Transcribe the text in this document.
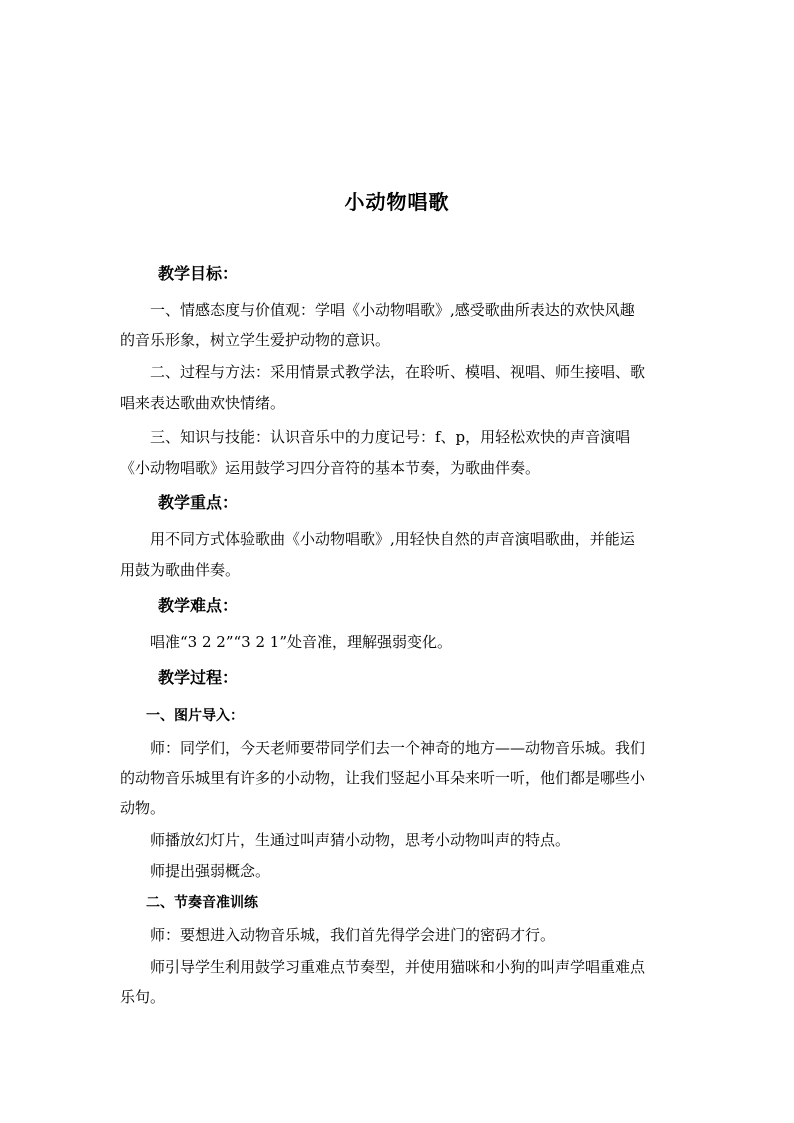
小动物唱歌
教学目标：
一、情感态度与价值观：学唱《小动物唱歌》,感受歌曲所表达的欢快风趣
的音乐形象，树立学生爱护动物的意识。
二、过程与方法：采用情景式教学法，在聆听、模唱、视唱、师生接唱、歌
唱来表达歌曲欢快情绪。
三、知识与技能：认识音乐中的力度记号：f、p，用轻松欢快的声音演唱
《小动物唱歌》运用鼓学习四分音符的基本节奏，为歌曲伴奏。
教学重点：
用不同方式体验歌曲《小动物唱歌》,用轻快自然的声音演唱歌曲，并能运
用鼓为歌曲伴奏。
教学难点：
唱准“3 2 2”“3 2 1”处音准，理解强弱变化。
教学过程：
一、图片导入：
师：同学们，今天老师要带同学们去一个神奇的地方——动物音乐城。我们
的动物音乐城里有许多的小动物，让我们竖起小耳朵来听一听，他们都是哪些小
动物。
师播放幻灯片，生通过叫声猜小动物，思考小动物叫声的特点。
师提出强弱概念。
二、节奏音准训练
师：要想进入动物音乐城，我们首先得学会进门的密码才行。
师引导学生利用鼓学习重难点节奏型，并使用猫咪和小狗的叫声学唱重难点
乐句。
